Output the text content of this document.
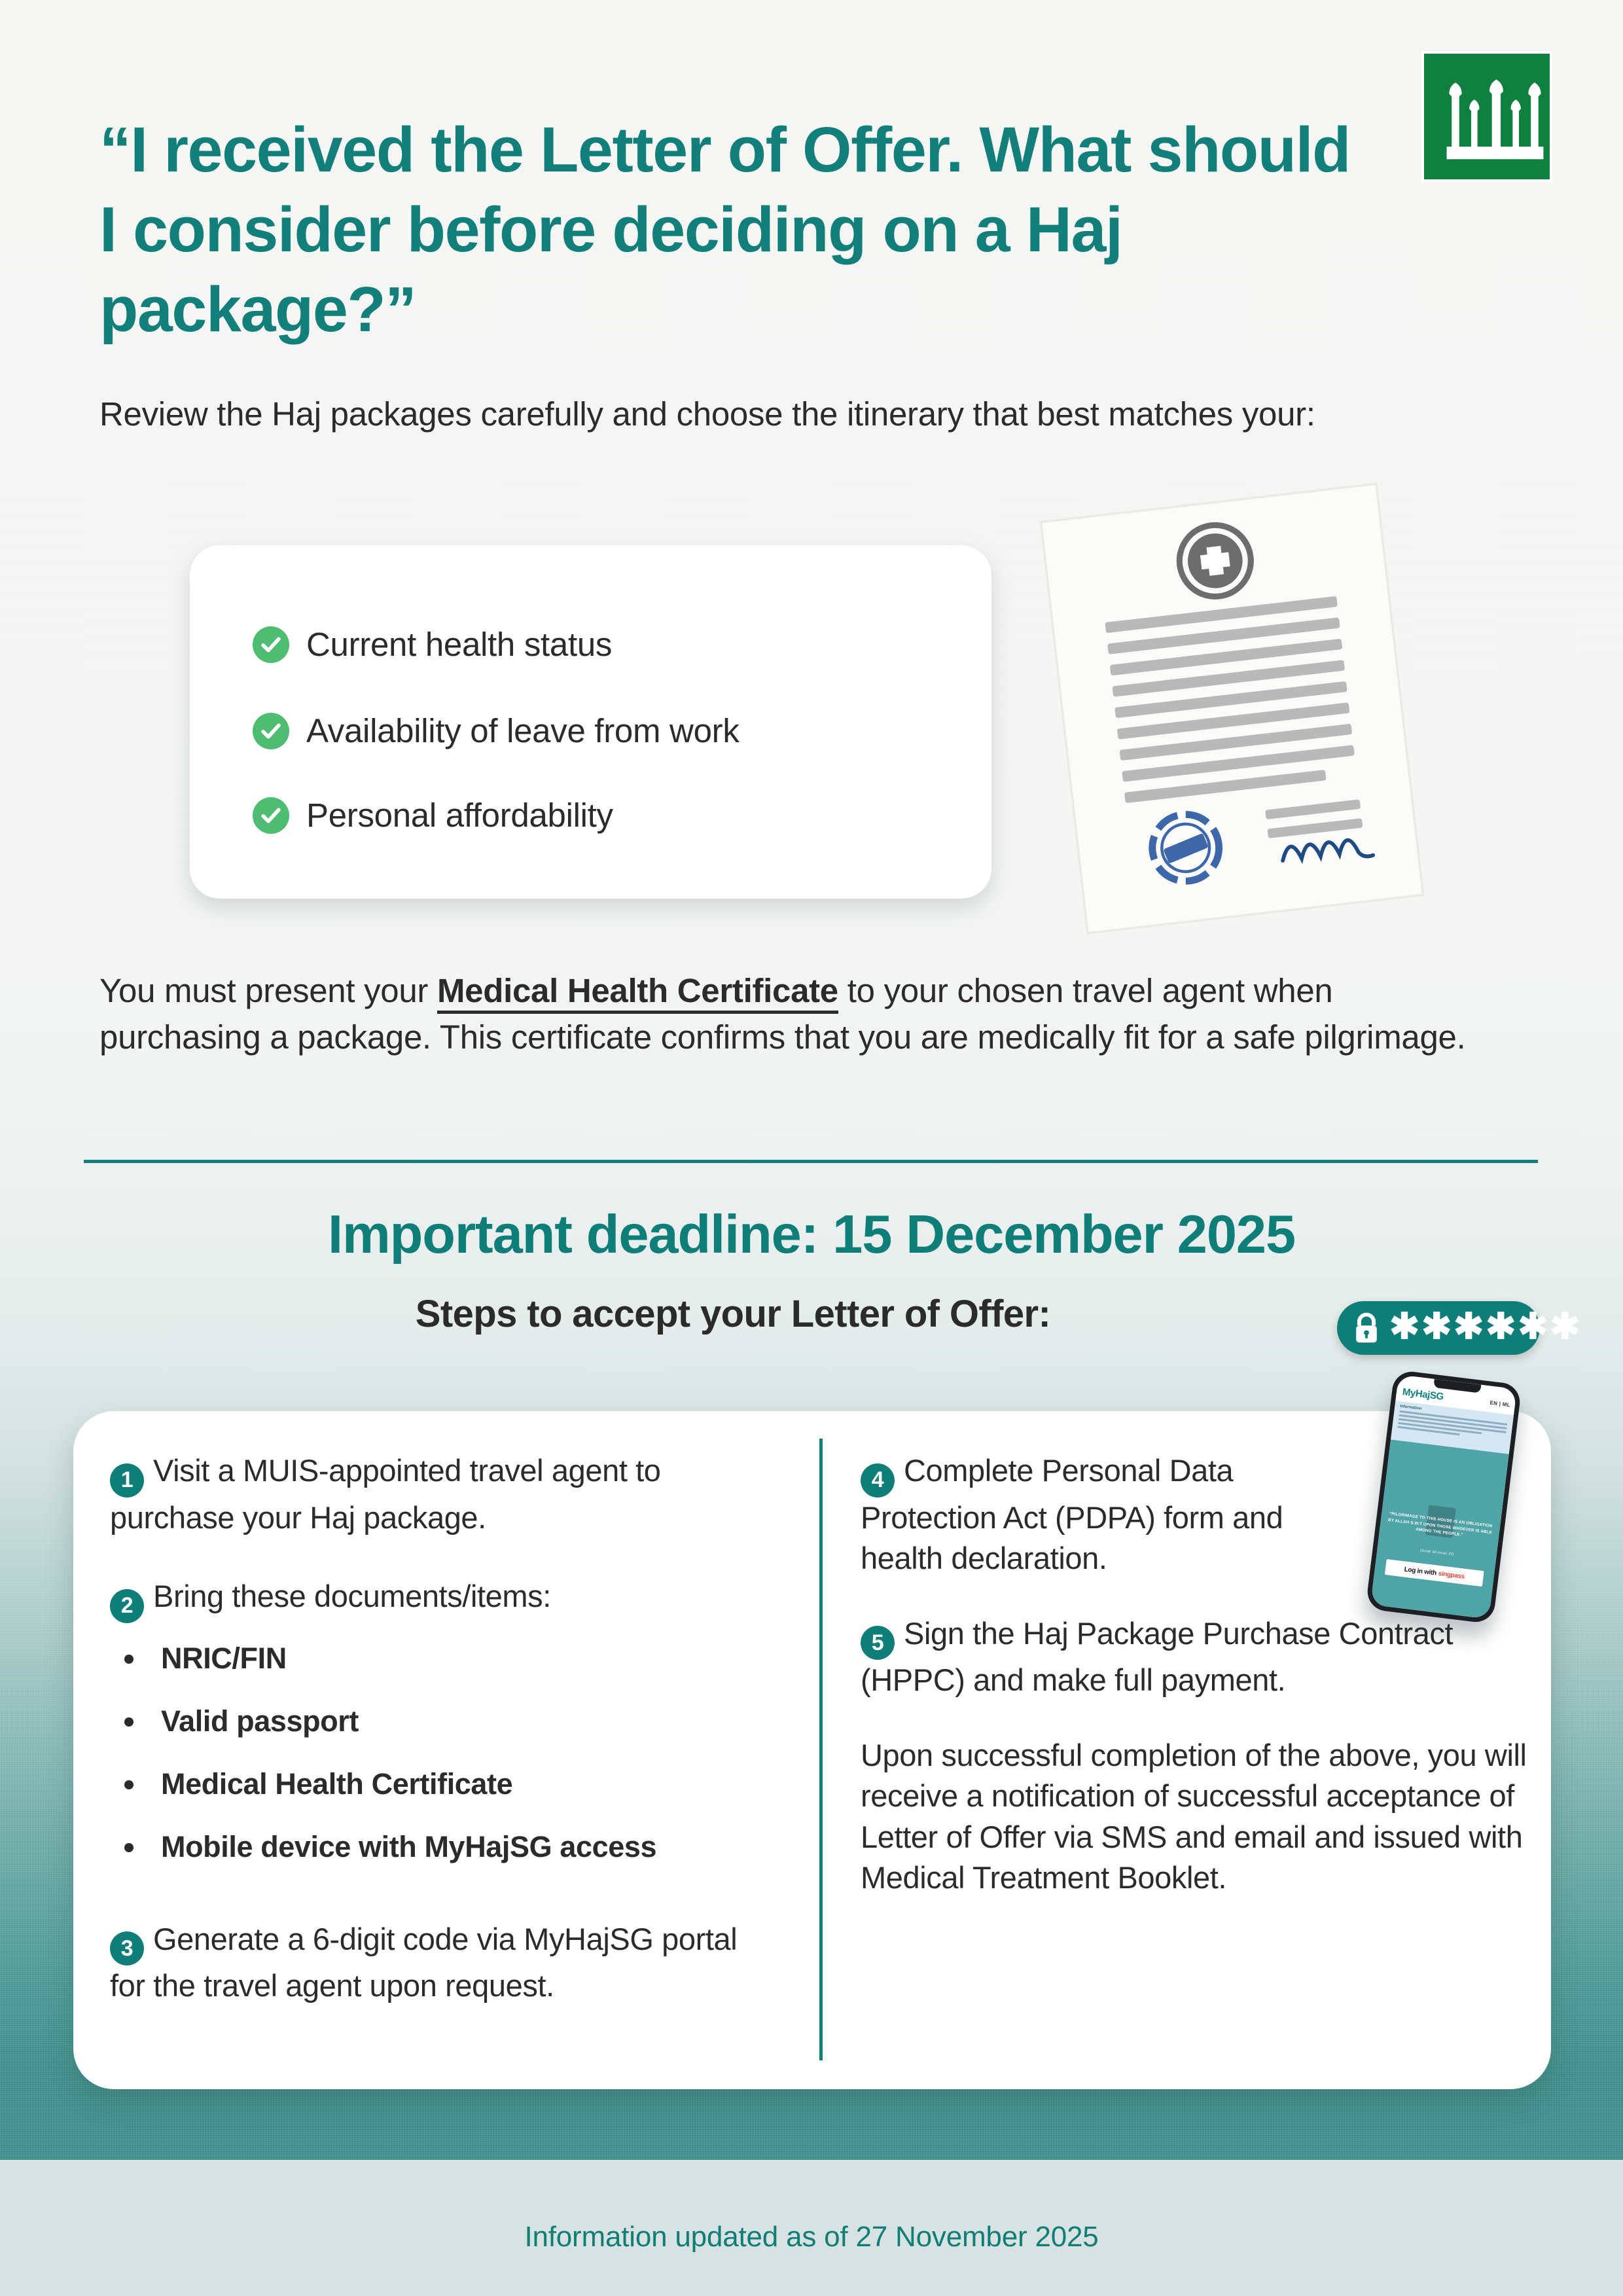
“I received the Letter of Offer. What should I consider before deciding on a Haj package?”
Review the Haj packages carefully and choose the itinerary that best matches your:
Current health status
Availability of leave from work
Personal affordability
You must present your Medical Health Certificate to your chosen travel agent when purchasing a package. This certificate confirms that you are medically fit for a safe pilgrimage.
Important deadline: 15 December 2025
Steps to accept your Letter of Offer:	✱✱✱✱✱✱
MyHajSG
EN | ML
Information
"PILGRIMAGE TO THIS HOUSE IS AN OBLIGATION BY ALLAH S.W.T UPON THOSE WHOEVER IS ABLE AMONG THE PEOPLE."
(Surah 'Ali Imran: 97)
Log in with singpass
1 Visit a MUIS-appointed travel agent to purchase your Haj package.
2 Bring these documents/items:
NRIC/FIN
Valid passport
Medical Health Certificate
Mobile device with MyHajSG access
3 Generate a 6-digit code via MyHajSG portal for the travel agent upon request.
4 Complete Personal Data Protection Act (PDPA) form and health declaration.
5 Sign the Haj Package Purchase Contract (HPPC) and make full payment.
Upon successful completion of the above, you will receive a notification of successful acceptance of Letter of Offer via SMS and email and issued with Medical Treatment Booklet.
Information updated as of 27 November 2025
